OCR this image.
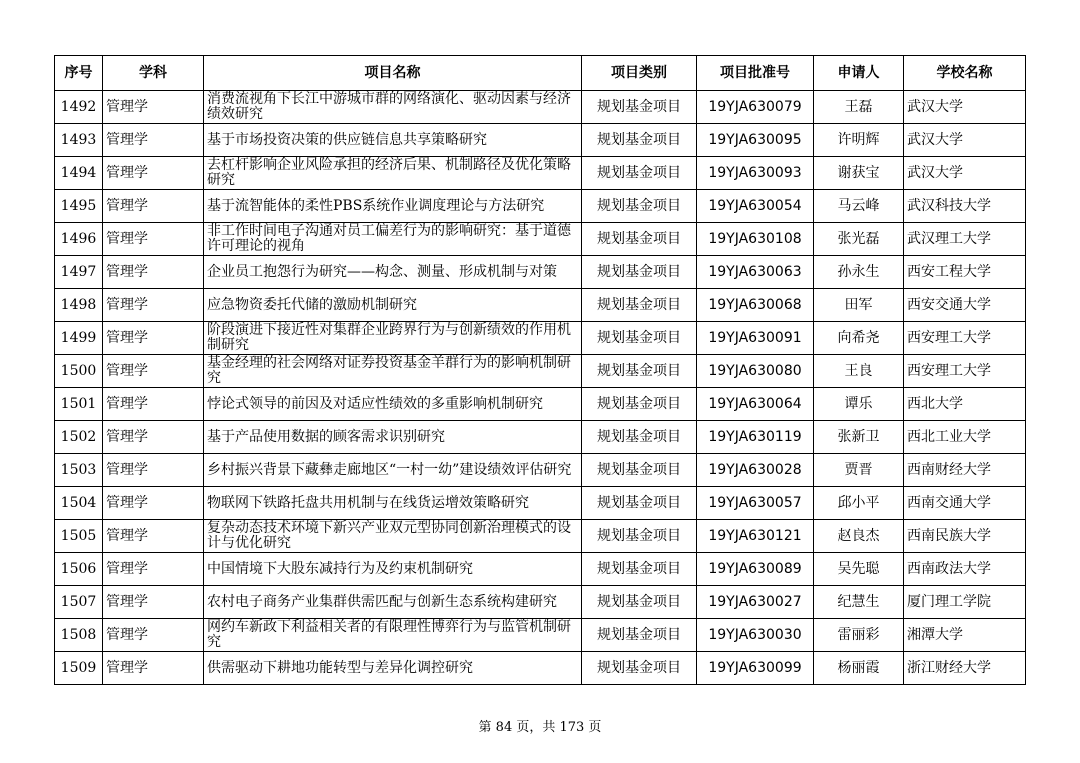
序号	学科	项目名称	项目类别	项目批准号	申请人	学校名称
1492	管理学	消费流视角下长江中游城市群的网络演化、驱动因素与经济绩效研究	规划基金项目	19YJA630079	王磊	武汉大学
1493	管理学	基于市场投资决策的供应链信息共享策略研究	规划基金项目	19YJA630095	许明辉	武汉大学
1494	管理学	去杠杆影响企业风险承担的经济后果、机制路径及优化策略研究	规划基金项目	19YJA630093	谢获宝	武汉大学
1495	管理学	基于流智能体的柔性PBS系统作业调度理论与方法研究	规划基金项目	19YJA630054	马云峰	武汉科技大学
1496	管理学	非工作时间电子沟通对员工偏差行为的影响研究：基于道德许可理论的视角	规划基金项目	19YJA630108	张光磊	武汉理工大学
1497	管理学	企业员工抱怨行为研究——构念、测量、形成机制与对策	规划基金项目	19YJA630063	孙永生	西安工程大学
1498	管理学	应急物资委托代储的激励机制研究	规划基金项目	19YJA630068	田军	西安交通大学
1499	管理学	阶段演进下接近性对集群企业跨界行为与创新绩效的作用机制研究	规划基金项目	19YJA630091	向希尧	西安理工大学
1500	管理学	基金经理的社会网络对证券投资基金羊群行为的影响机制研究	规划基金项目	19YJA630080	王良	西安理工大学
1501	管理学	悖论式领导的前因及对适应性绩效的多重影响机制研究	规划基金项目	19YJA630064	谭乐	西北大学
1502	管理学	基于产品使用数据的顾客需求识别研究	规划基金项目	19YJA630119	张新卫	西北工业大学
1503	管理学	乡村振兴背景下藏彝走廊地区“一村一幼”建设绩效评估研究	规划基金项目	19YJA630028	贾晋	西南财经大学
1504	管理学	物联网下铁路托盘共用机制与在线货运增效策略研究	规划基金项目	19YJA630057	邱小平	西南交通大学
1505	管理学	复杂动态技术环境下新兴产业双元型协同创新治理模式的设计与优化研究	规划基金项目	19YJA630121	赵良杰	西南民族大学
1506	管理学	中国情境下大股东减持行为及约束机制研究	规划基金项目	19YJA630089	吴先聪	西南政法大学
1507	管理学	农村电子商务产业集群供需匹配与创新生态系统构建研究	规划基金项目	19YJA630027	纪慧生	厦门理工学院
1508	管理学	网约车新政下利益相关者的有限理性博弈行为与监管机制研究	规划基金项目	19YJA630030	雷丽彩	湘潭大学
1509	管理学	供需驱动下耕地功能转型与差异化调控研究	规划基金项目	19YJA630099	杨丽霞	浙江财经大学
第 84 页，共 173 页
